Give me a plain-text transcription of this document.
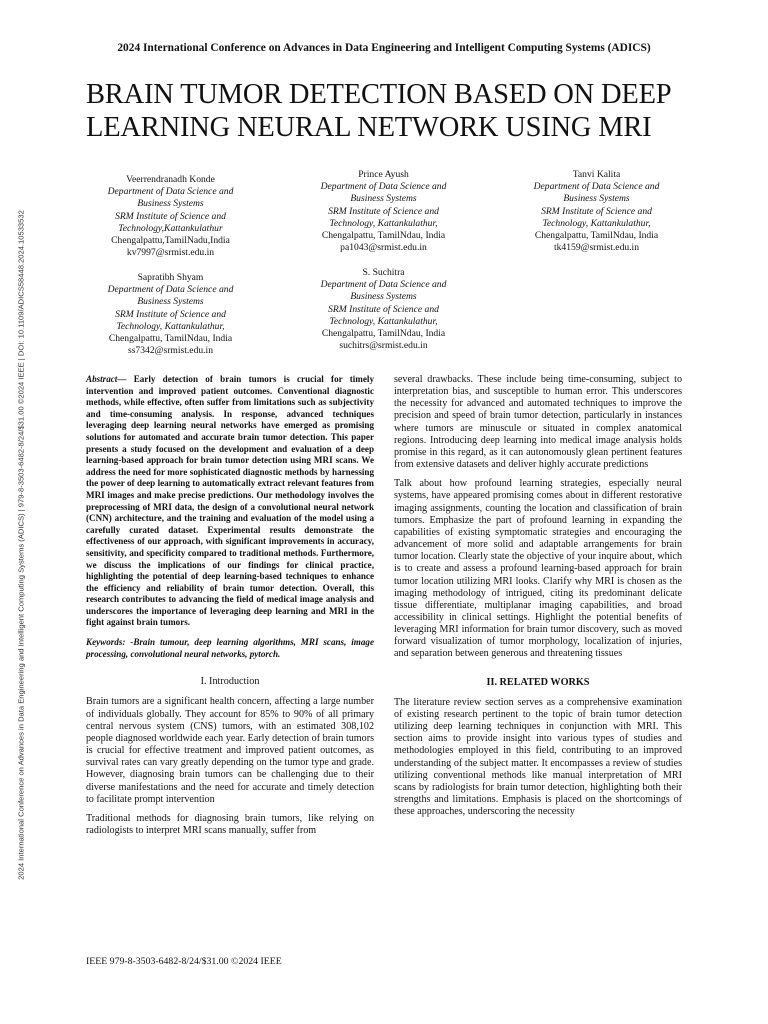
2024 International Conference on Advances in Data Engineering and Intelligent Computing Systems (ADICS) | 979-8-3503-6482-8/24/$31.00 ©2024 IEEE | DOI: 10.1109/ADICS58448.2024.10533532
2024 International Conference on Advances in Data Engineering and Intelligent Computing Systems (ADICS)
BRAIN TUMOR DETECTION BASED ON DEEP
LEARNING NEURAL NETWORK USING MRI
Veerrendranadh Konde
Department of Data Science and
Business Systems
SRM Institute of Science and
Technology,Kattankulathur
Chengalpattu,TamilNadu,India
kv7997@srmist.edu.in
Prince Ayush
Department of Data Science and
Business Systems
SRM Institute of Science and
Technology, Kattankulathur,
Chengalpattu, TamilNdau, India
pa1043@srmist.edu.in
Tanvi Kalita
Department of Data Science and
Business Systems
SRM Institute of Science and
Technology, Kattankulathur,
Chengalpattu, TamilNdau, India
tk4159@srmist.edu.in
Sapratibh Shyam
Department of Data Science and
Business Systems
SRM Institute of Science and
Technology, Kattankulathur,
Chengalpattu, TamilNdau, India
ss7342@srmist.edu.in
S. Suchitra
Department of Data Science and
Business Systems
SRM Institute of Science and
Technology, Kattankulathur,
Chengalpattu, TamilNdau, India
suchitrs@srmist.edu.in

Abstract— Early detection of brain tumors is crucial for timely intervention and improved patient outcomes. Conventional diagnostic methods, while effective, often suffer from limitations such as subjectivity and time-consuming analysis. In response, advanced techniques leveraging deep learning neural networks have emerged as promising solutions for automated and accurate brain tumor detection. This paper presents a study focused on the development and evaluation of a deep learning-based approach for brain tumor detection using MRI scans. We address the need for more sophisticated diagnostic methods by harnessing the power of deep learning to automatically extract relevant features from MRI images and make precise predictions. Our methodology involves the preprocessing of MRI data, the design of a convolutional neural network (CNN) architecture, and the training and evaluation of the model using a carefully curated dataset. Experimental results demonstrate the effectiveness of our approach, with significant improvements in accuracy, sensitivity, and specificity compared to traditional methods. Furthermore, we discuss the implications of our findings for clinical practice, highlighting the potential of deep learning-based techniques to enhance the efficiency and reliability of brain tumor detection. Overall, this research contributes to advancing the field of medical image analysis and underscores the importance of leveraging deep learning and MRI in the fight against brain tumors.

Keywords: -Brain tumour, deep learning algorithms, MRI scans, image processing, convolutional neural networks, pytorch.

I. Introduction

Brain tumors are a significant health concern, affecting a large number of individuals globally. They account for 85% to 90% of all primary central nervous system (CNS) tumors, with an estimated 308,102 people diagnosed worldwide each year. Early detection of brain tumors is crucial for effective treatment and improved patient outcomes, as survival rates can vary greatly depending on the tumor type and grade. However, diagnosing brain tumors can be challenging due to their diverse manifestations and the need for accurate and timely detection to facilitate prompt intervention

Traditional methods for diagnosing brain tumors, like relying on radiologists to interpret MRI scans manually, suffer from

several drawbacks. These include being time-consuming, subject to interpretation bias, and susceptible to human error. This underscores the necessity for advanced and automated techniques to improve the precision and speed of brain tumor detection, particularly in instances where tumors are minuscule or situated in complex anatomical regions. Introducing deep learning into medical image analysis holds promise in this regard, as it can autonomously glean pertinent features from extensive datasets and deliver highly accurate predictions

Talk about how profound learning strategies, especially neural systems, have appeared promising comes about in different restorative imaging assignments, counting the location and classification of brain tumors. Emphasize the part of profound learning in expanding the capabilities of existing symptomatic strategies and encouraging the advancement of more solid and adaptable arrangements for brain tumor location. Clearly state the objective of your inquire about, which is to create and assess a profound learning-based approach for brain tumor location utilizing MRI looks. Clarify why MRI is chosen as the imaging methodology of intrigued, citing its predominant delicate tissue differentiate, multiplanar imaging capabilities, and broad accessibility in clinical settings. Highlight the potential benefits of leveraging MRI information for brain tumor discovery, such as moved forward visualization of tumor morphology, localization of injuries, and separation between generous and threatening tissues

II. RELATED WORKS

The literature review section serves as a comprehensive examination of existing research pertinent to the topic of brain tumor detection utilizing deep learning techniques in conjunction with MRI. This section aims to provide insight into various types of studies and methodologies employed in this field, contributing to an improved understanding of the subject matter. It encompasses a review of studies utilizing conventional methods like manual interpretation of MRI scans by radiologists for brain tumor detection, highlighting both their strengths and limitations. Emphasis is placed on the shortcomings of these approaches, underscoring the necessity

IEEE 979-8-3503-6482-8/24/$31.00 ©2024 IEEE
